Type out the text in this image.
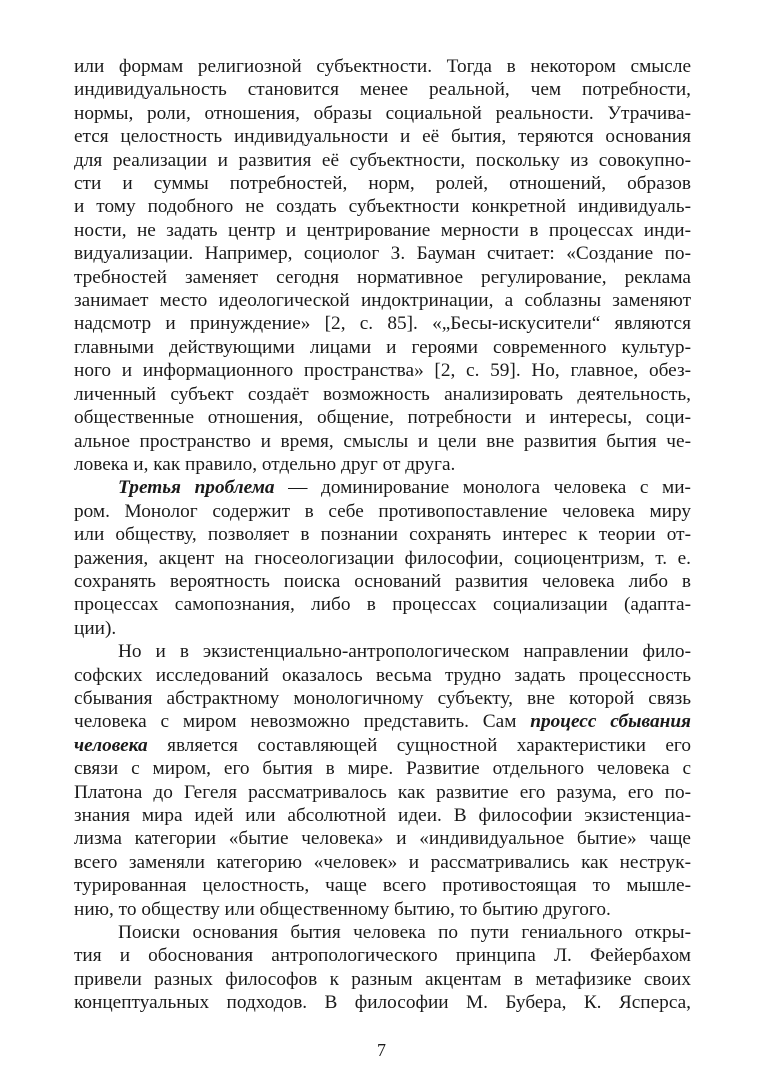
или формам религиозной субъектности. Тогда в некотором смысле
индивидуальность становится менее реальной, чем потребности,
нормы, роли, отношения, образы социальной реальности. Утрачива-
ется целостность индивидуальности и её бытия, теряются основания
для реализации и развития её субъектности, поскольку из совокупно-
сти и суммы потребностей, норм, ролей, отношений, образов
и тому подобного не создать субъектности конкретной индивидуаль-
ности, не задать центр и центрирование мерности в процессах инди-
видуализации. Например, социолог З. Бауман считает: «Создание по-
требностей заменяет сегодня нормативное регулирование, реклама
занимает место идеологической индоктринации, а соблазны заменяют
надсмотр и принуждение» [2, с. 85]. «„Бесы-искусители“ являются
главными действующими лицами и героями современного культур-
ного и информационного пространства» [2, с. 59]. Но, главное, обез-
личенный субъект создаёт возможность анализировать деятельность,
общественные отношения, общение, потребности и интересы, соци-
альное пространство и время, смыслы и цели вне развития бытия че-
ловека и, как правило, отдельно друг от друга.
Третья проблема — доминирование монолога человека с ми-
ром. Монолог содержит в себе противопоставление человека миру
или обществу, позволяет в познании сохранять интерес к теории от-
ражения, акцент на гносеологизации философии, социоцентризм, т. е.
сохранять вероятность поиска оснований развития человека либо в
процессах самопознания, либо в процессах социализации (адапта-
ции).
Но и в экзистенциально-антропологическом направлении фило-
софских исследований оказалось весьма трудно задать процессность
сбывания абстрактному монологичному субъекту, вне которой связь
человека с миром невозможно представить. Сам процесс сбывания
человека является составляющей сущностной характеристики его
связи с миром, его бытия в мире. Развитие отдельного человека с
Платона до Гегеля рассматривалось как развитие его разума, его по-
знания мира идей или абсолютной идеи. В философии экзистенциа-
лизма категории «бытие человека» и «индивидуальное бытие» чаще
всего заменяли категорию «человек» и рассматривались как неструк-
турированная целостность, чаще всего противостоящая то мышле-
нию, то обществу или общественному бытию, то бытию другого.
Поиски основания бытия человека по пути гениального откры-
тия и обоснования антропологического принципа Л. Фейербахом
привели разных философов к разным акцентам в метафизике своих
концептуальных подходов. В философии М. Бубера, К. Ясперса,
7
